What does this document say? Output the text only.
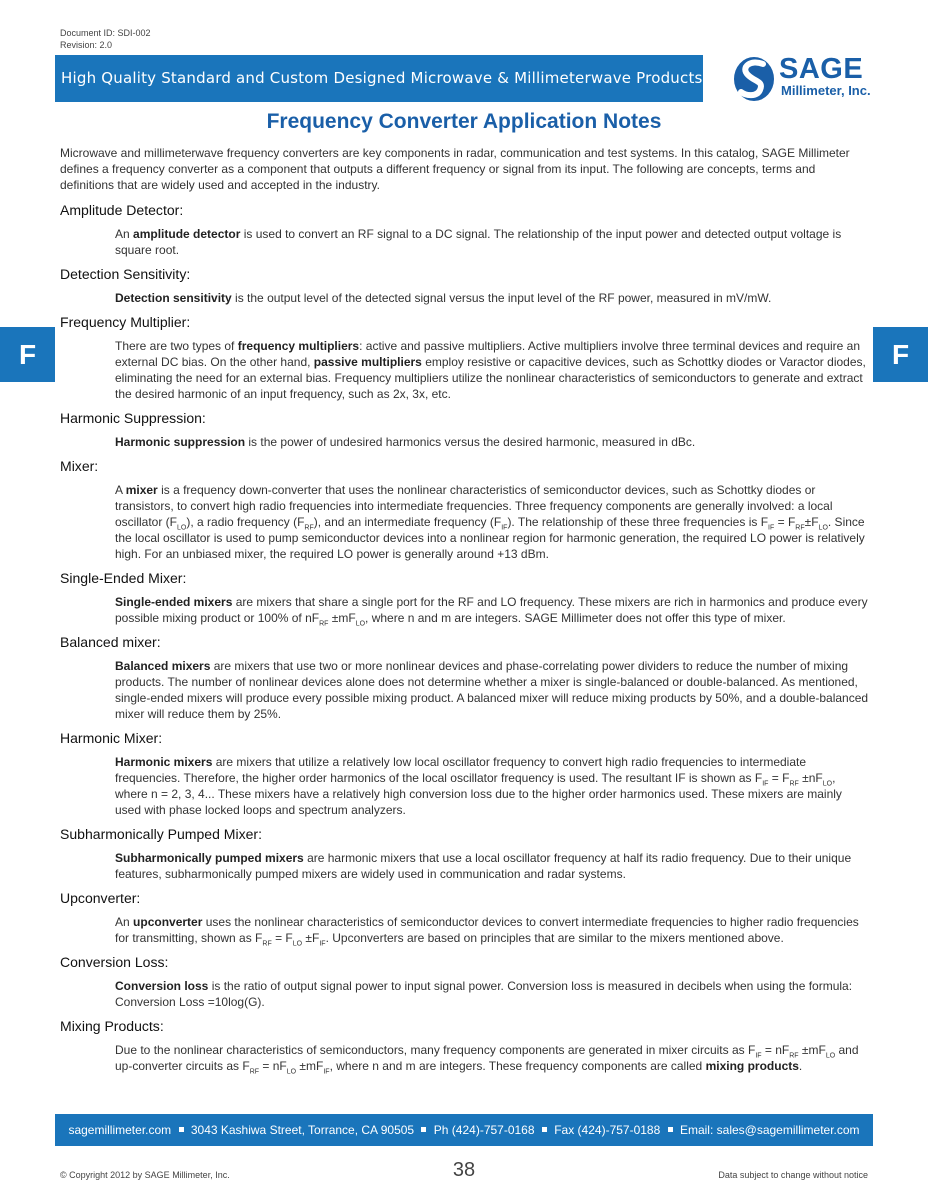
Document ID: SDI-002
Revision: 2.0
High Quality Standard and Custom Designed Microwave & Millimeterwave Products	SAGE
Millimeter, Inc.
Frequency Converter Application Notes
F	F

Microwave and millimeterwave frequency converters are key components in radar, communication and test systems. In this catalog, SAGE Millimeter defines a frequency converter as a component that outputs a different frequency or signal from its input. The following are concepts, terms and definitions that are widely used and accepted in the industry.

Amplitude Detector:

An amplitude detector is used to convert an RF signal to a DC signal. The relationship of the input power and detected output voltage is square root.

Detection Sensitivity:

Detection sensitivity is the output level of the detected signal versus the input level of the RF power, measured in mV/mW.

Frequency Multiplier:

There are two types of frequency multipliers: active and passive multipliers. Active multipliers involve three terminal devices and require an external DC bias. On the other hand, passive multipliers employ resistive or capacitive devices, such as Schottky diodes or Varactor diodes, eliminating the need for an external bias. Frequency multipliers utilize the nonlinear characteristics of semiconductors to generate and extract the desired harmonic of an input frequency, such as 2x, 3x, etc.

Harmonic Suppression:

Harmonic suppression is the power of undesired harmonics versus the desired harmonic, measured in dBc.

Mixer:

A mixer is a frequency down-converter that uses the nonlinear characteristics of semiconductor devices, such as Schottky diodes or transistors, to convert high radio frequencies into intermediate frequencies. Three frequency components are generally involved: a local oscillator $(F_{LO})$, a radio frequency $(F_{RF})$, and an intermediate frequency $(F_{IF})$. The relationship of these three frequencies is $F_{IF} = F_{RF}\pm F_{LO}$. Since the local oscillator is used to pump semiconductor devices into a nonlinear region for harmonic generation, the required LO power is relatively high. For an unbiased mixer, the required LO power is generally around +13 dBm.

Single-Ended Mixer:

Single-ended mixers are mixers that share a single port for the RF and LO frequency. These mixers are rich in harmonics and produce every possible mixing product or 100% of $nF_{RF} \pm mF_{LO}$, where n and m are integers. SAGE Millimeter does not offer this type of mixer.

Balanced mixer:

Balanced mixers are mixers that use two or more nonlinear devices and phase-correlating power dividers to reduce the number of mixing products. The number of nonlinear devices alone does not determine whether a mixer is single-balanced or double-balanced. As mentioned, single-ended mixers will produce every possible mixing product. A balanced mixer will reduce mixing products by 50%, and a double-balanced mixer will reduce them by 25%.

Harmonic Mixer:

Harmonic mixers are mixers that utilize a relatively low local oscillator frequency to convert high radio frequencies to intermediate frequencies. Therefore, the higher order harmonics of the local oscillator frequency is used. The resultant IF is shown as $F_{IF} = F_{RF} \pm nF_{LO}$, where n = 2, 3, 4... These mixers have a relatively high conversion loss due to the higher order harmonics used. These mixers are mainly used with phase locked loops and spectrum analyzers.

Subharmonically Pumped Mixer:

Subharmonically pumped mixers are harmonic mixers that use a local oscillator frequency at half its radio frequency. Due to their unique features, subharmonically pumped mixers are widely used in communication and radar systems.

Upconverter:

An upconverter uses the nonlinear characteristics of semiconductor devices to convert intermediate frequencies to higher radio frequencies for transmitting, shown as $F_{RF} = F_{LO} \pm F_{IF}$. Upconverters are based on principles that are similar to the mixers mentioned above.

Conversion Loss:

Conversion loss is the ratio of output signal power to input signal power. Conversion loss is measured in decibels when using the formula: Conversion Loss =10log(G).

Mixing Products:

Due to the nonlinear characteristics of semiconductors, many frequency components are generated in mixer circuits as $F_{IF} = nF_{RF} \pm mF_{LO}$ and up-converter circuits as $F_{RF} = nF_{LO} \pm mF_{IF}$, where n and m are integers. These frequency components are called mixing products.

sagemillimeter.com 3043 Kashiwa Street, Torrance, CA 90505 Ph (424)-757-0168 Fax (424)-757-0188 Email: sales@sagemillimeter.com
© Copyright 2012 by SAGE Millimeter, Inc.	38	Data subject to change without notice
